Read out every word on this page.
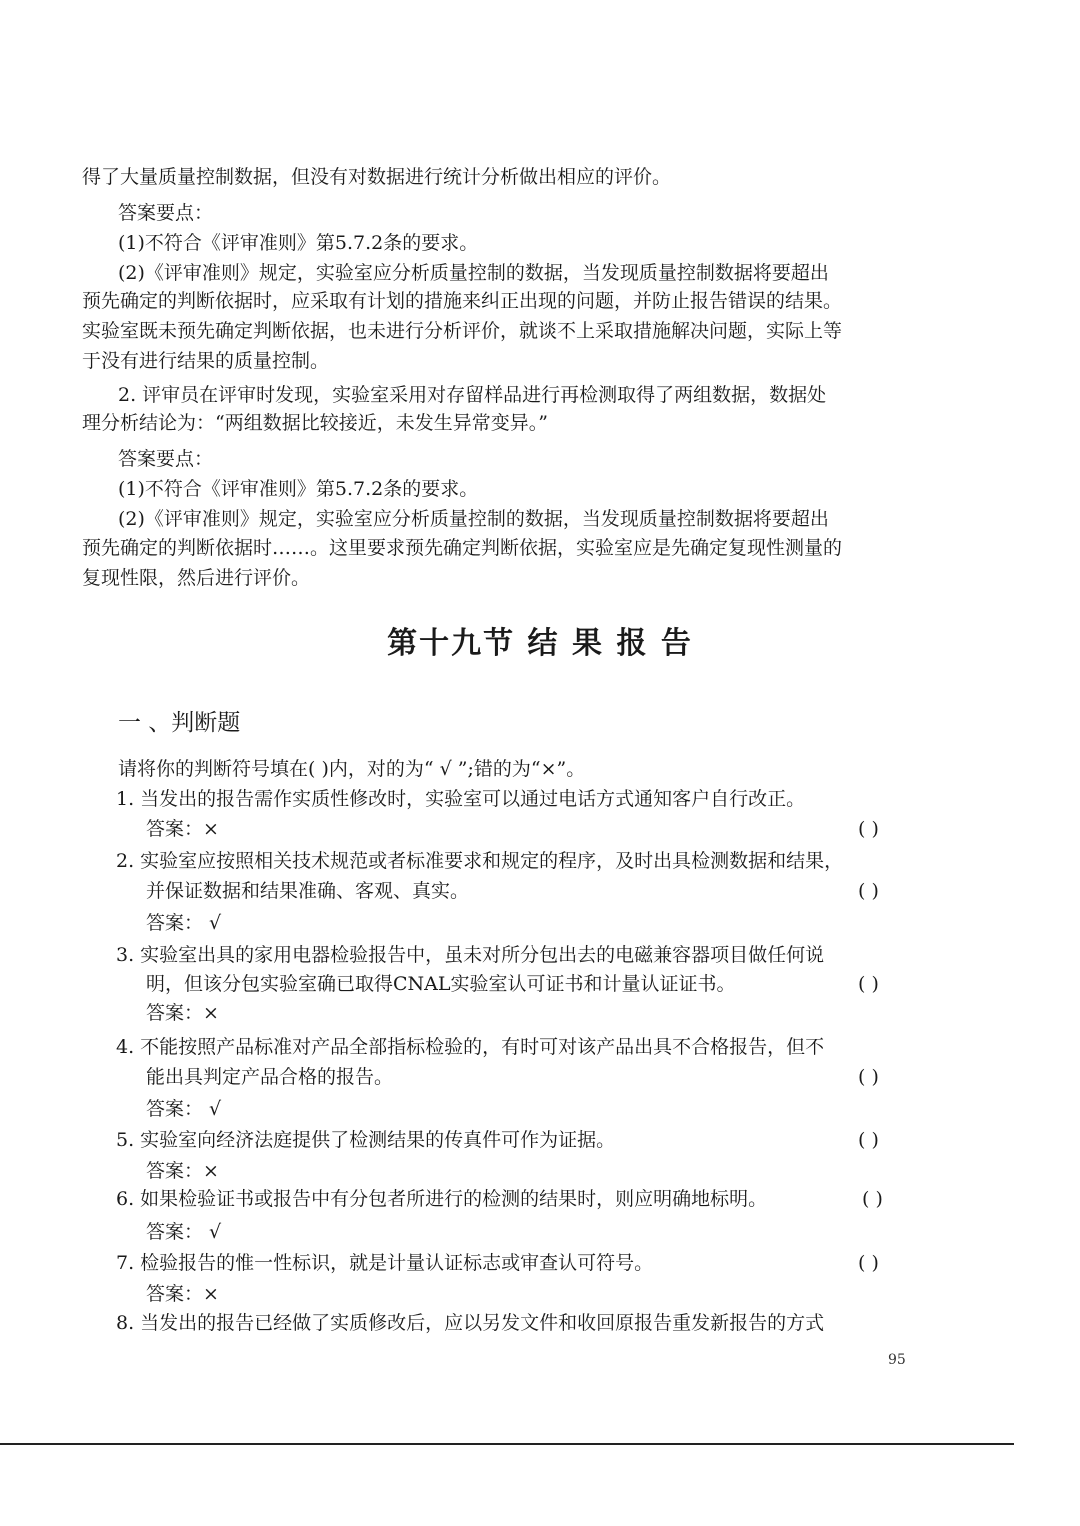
得了大量质量控制数据，但没有对数据进行统计分析做出相应的评价。
答案要点：
(1)不符合《评审准则》第5.7.2条的要求。
(2)《评审准则》规定，实验室应分析质量控制的数据，当发现质量控制数据将要超出
预先确定的判断依据时，应采取有计划的措施来纠正出现的问题，并防止报告错误的结果。
实验室既未预先确定判断依据，也未进行分析评价，就谈不上采取措施解决问题，实际上等
于没有进行结果的质量控制。
2. 评审员在评审时发现，实验室采用对存留样品进行再检测取得了两组数据，数据处
理分析结论为：“两组数据比较接近，未发生异常变异。”
答案要点：
(1)不符合《评审准则》第5.7.2条的要求。
(2)《评审准则》规定，实验室应分析质量控制的数据，当发现质量控制数据将要超出
预先确定的判断依据时……。这里要求预先确定判断依据，实验室应是先确定复现性测量的
复现性限，然后进行评价。
第十九节 结 果 报 告
一 、判断题
请将你的判断符号填在( )内，对的为“ √ ”;错的为“×”。
1. 当发出的报告需作实质性修改时，实验室可以通过电话方式通知客户自行改正。
答案：×	( )
2. 实验室应按照相关技术规范或者标准要求和规定的程序，及时出具检测数据和结果，
并保证数据和结果准确、客观、真实。	( )
答案： √
3. 实验室出具的家用电器检验报告中，虽未对所分包出去的电磁兼容器项目做任何说
明，但该分包实验室确已取得CNAL实验室认可证书和计量认证证书。	( )
答案：×
4. 不能按照产品标准对产品全部指标检验的，有时可对该产品出具不合格报告，但不
能出具判定产品合格的报告。	( )
答案： √
5. 实验室向经济法庭提供了检测结果的传真件可作为证据。	( )
答案：×
6. 如果检验证书或报告中有分包者所进行的检测的结果时，则应明确地标明。	( )
答案： √
7. 检验报告的惟一性标识，就是计量认证标志或审查认可符号。	( )
答案：×
8. 当发出的报告已经做了实质修改后，应以另发文件和收回原报告重发新报告的方式
95
